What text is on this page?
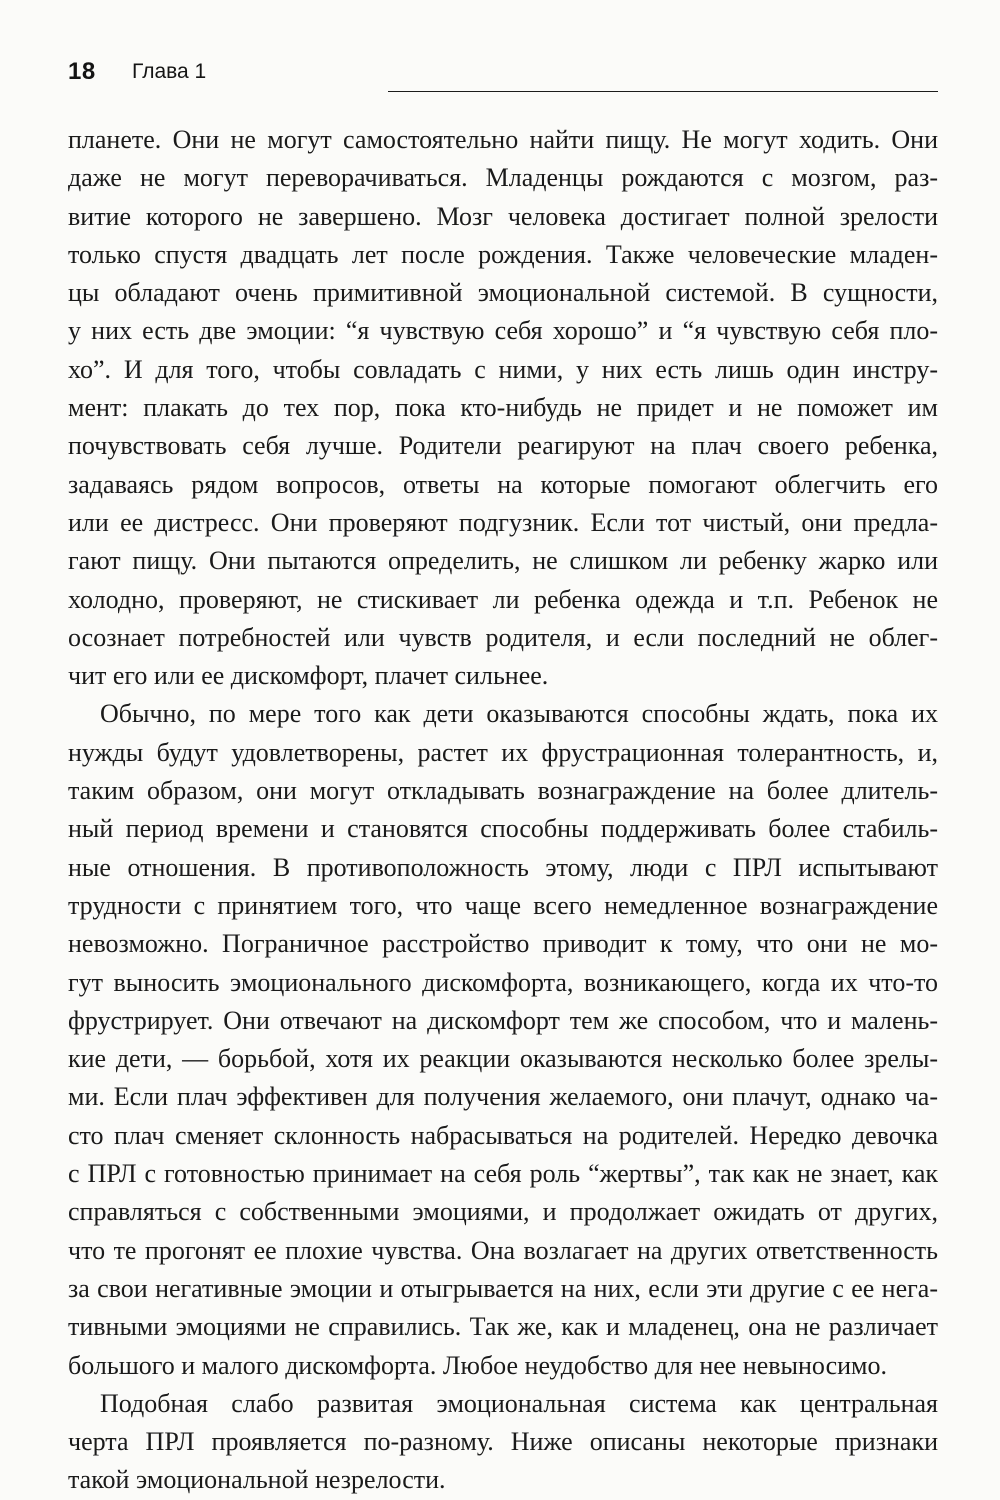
18 Глава 1
планете. Они не могут самостоятельно найти пищу. Не могут ходить. Они
даже не могут переворачиваться. Младенцы рождаются с мозгом, раз-
витие которого не завершено. Мозг человека достигает полной зрелости
только спустя двадцать лет после рождения. Также человеческие младен-
цы обладают очень примитивной эмоциональной системой. В сущности,
у них есть две эмоции: “я чувствую себя хорошо” и “я чувствую себя пло-
хо”. И для того, чтобы совладать с ними, у них есть лишь один инстру-
мент: плакать до тех пор, пока кто-нибудь не придет и не поможет им
почувствовать себя лучше. Родители реагируют на плач своего ребенка,
задаваясь рядом вопросов, ответы на которые помогают облегчить его
или ее дистресс. Они проверяют подгузник. Если тот чистый, они предла-
гают пищу. Они пытаются определить, не слишком ли ребенку жарко или
холодно, проверяют, не стискивает ли ребенка одежда и т.п. Ребенок не
осознает потребностей или чувств родителя, и если последний не облег-
чит его или ее дискомфорт, плачет сильнее.
Обычно, по мере того как дети оказываются способны ждать, пока их
нужды будут удовлетворены, растет их фрустрационная толерантность, и,
таким образом, они могут откладывать вознаграждение на более длитель-
ный период времени и становятся способны поддерживать более стабиль-
ные отношения. В противоположность этому, люди с ПРЛ испытывают
трудности с принятием того, что чаще всего немедленное вознаграждение
невозможно. Пограничное расстройство приводит к тому, что они не мо-
гут выносить эмоционального дискомфорта, возникающего, когда их что-то
фрустрирует. Они отвечают на дискомфорт тем же способом, что и малень-
кие дети, — борьбой, хотя их реакции оказываются несколько более зрелы-
ми. Если плач эффективен для получения желаемого, они плачут, однако ча-
сто плач сменяет склонность набрасываться на родителей. Нередко девочка
с ПРЛ с готовностью принимает на себя роль “жертвы”, так как не знает, как
справляться с собственными эмоциями, и продолжает ожидать от других,
что те прогонят ее плохие чувства. Она возлагает на других ответственность
за свои негативные эмоции и отыгрывается на них, если эти другие с ее нега-
тивными эмоциями не справились. Так же, как и младенец, она не различает
большого и малого дискомфорта. Любое неудобство для нее невыносимо.
Подобная слабо развитая эмоциональная система как центральная
черта ПРЛ проявляется по-разному. Ниже описаны некоторые признаки
такой эмоциональной незрелости.
